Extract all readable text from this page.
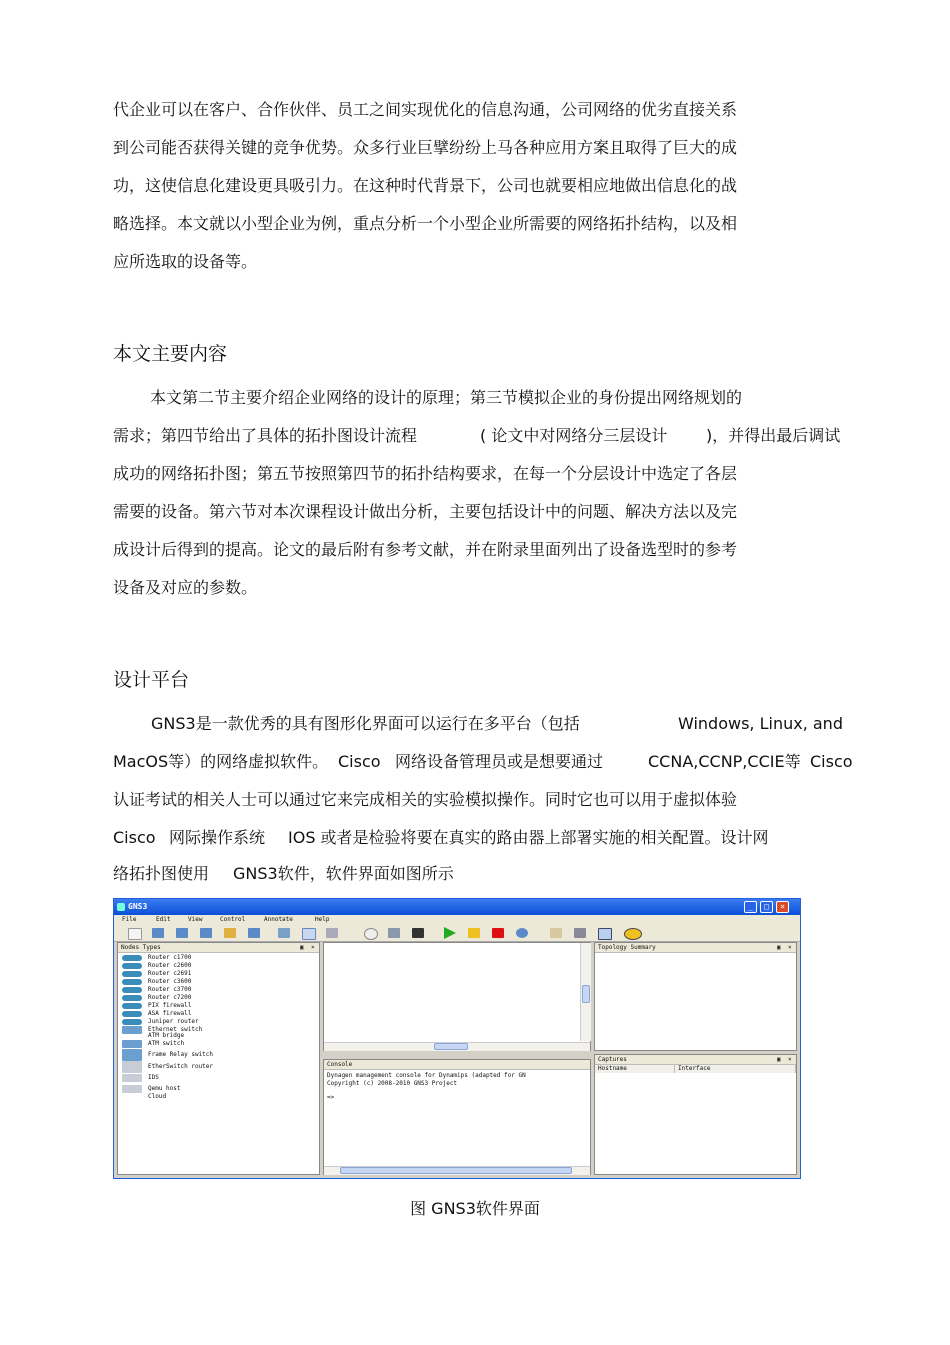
代企业可以在客户、合作伙伴、员工之间实现优化的信息沟通，公司网络的优劣直接关系
到公司能否获得关键的竞争优势。众多行业巨擘纷纷上马各种应用方案且取得了巨大的成
功，这使信息化建设更具吸引力。在这种时代背景下，公司也就要相应地做出信息化的战
略选择。本文就以小型企业为例，重点分析一个小型企业所需要的网络拓扑结构，以及相
应所选取的设备等。
本文主要内容
本文第二节主要介绍企业网络的设计的原理；第三节模拟企业的身份提出网络规划的
需求；第四节给出了具体的拓扑图设计流程	( 论文中对网络分三层设计 )，并得出最后调试
成功的网络拓扑图；第五节按照第四节的拓扑结构要求，在每一个分层设计中选定了各层
需要的设备。第六节对本次课程设计做出分析，主要包括设计中的问题、解决方法以及完
成设计后得到的提高。论文的最后附有参考文献，并在附录里面列出了设备选型时的参考
设备及对应的参数。
设计平台
GNS3是一款优秀的具有图形化界面可以运行在多平台（包括	Windows, Linux, and
MacOS等）的网络虚拟软件。 Cisco 网络设备管理员或是想要通过	CCNA,CCNP,CCIE等 Cisco
认证考试的相关人士可以通过它来完成相关的实验模拟操作。同时它也可以用于虚拟体验
Cisco 网际操作系统 IOS 或者是检验将要在真实的路由器上部署实施的相关配置。设计网
络拓扑图使用 GNS3软件，软件界面如图所示
GNS3	_	□	×
File	Edit	View	Control	Annotate	Help
Nodes Types	▣ ×
Router c1700
Router c2600
Router c2691
Router c3600
Router c3700
Router c7200
PIX firewall
ASA firewall
Juniper router
Ethernet switch
ATM bridge
ATM switch
Frame Relay switch
EtherSwitch router
IDS
Qemu host
Cloud
Topology Summary	▣ ×
Console
Dynagen management console for Dynamips (adapted for GN
Copyright (c) 2008-2010 GNS3 Project
=>
Captures	▣ ×
Hostname	Interface
图 GNS3软件界面
